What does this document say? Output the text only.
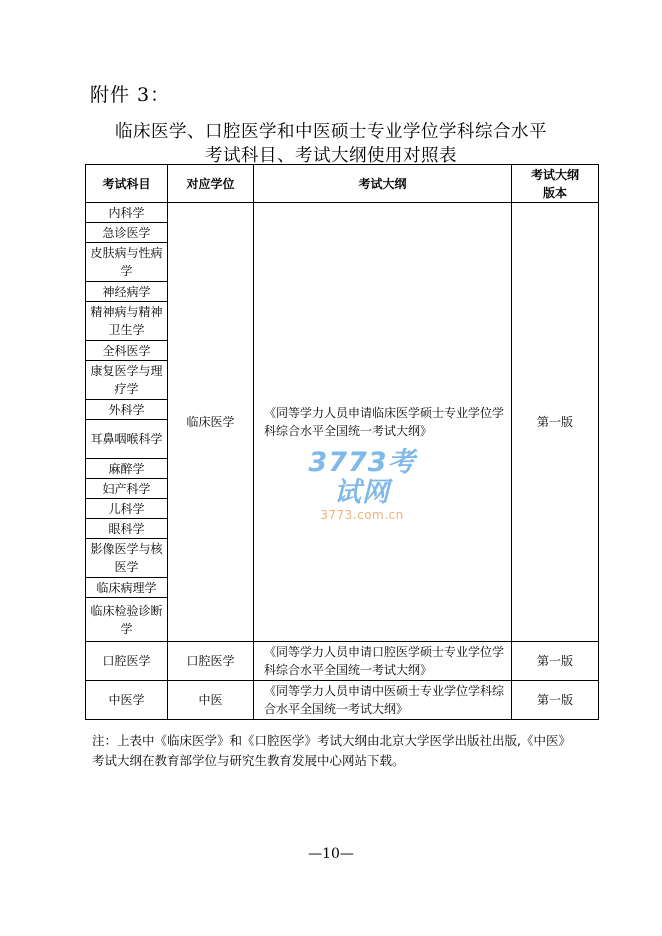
附件 3：
临床医学、口腔医学和中医硕士专业学位学科综合水平
考试科目、考试大纲使用对照表
考试科目	对应学位	考试大纲	考试大纲
版本

内科学	临床医学	《同等学力人员申请临床医学硕士专业学位学科综合水平全国统一考试大纲》	第一版
急诊医学			
皮肤病与性病学			
神经病学			
精神病与精神卫生学			
全科医学			
康复医学与理疗学			
外科学			
耳鼻咽喉科学			
麻醉学			
妇产科学			
儿科学			
眼科学			
影像医学与核医学			
临床病理学			
临床检验诊断学			
口腔医学	口腔医学	《同等学力人员申请口腔医学硕士专业学位学科综合水平全国统一考试大纲》	第一版
中医学	中医	《同等学力人员申请中医硕士专业学位学科综合水平全国统一考试大纲》	第一版
3773考试网
3773.com.cn
注：上表中《临床医学》和《口腔医学》考试大纲由北京大学医学出版社出版,《中医》考试大纲在教育部学位与研究生教育发展中心网站下载。
—10—
